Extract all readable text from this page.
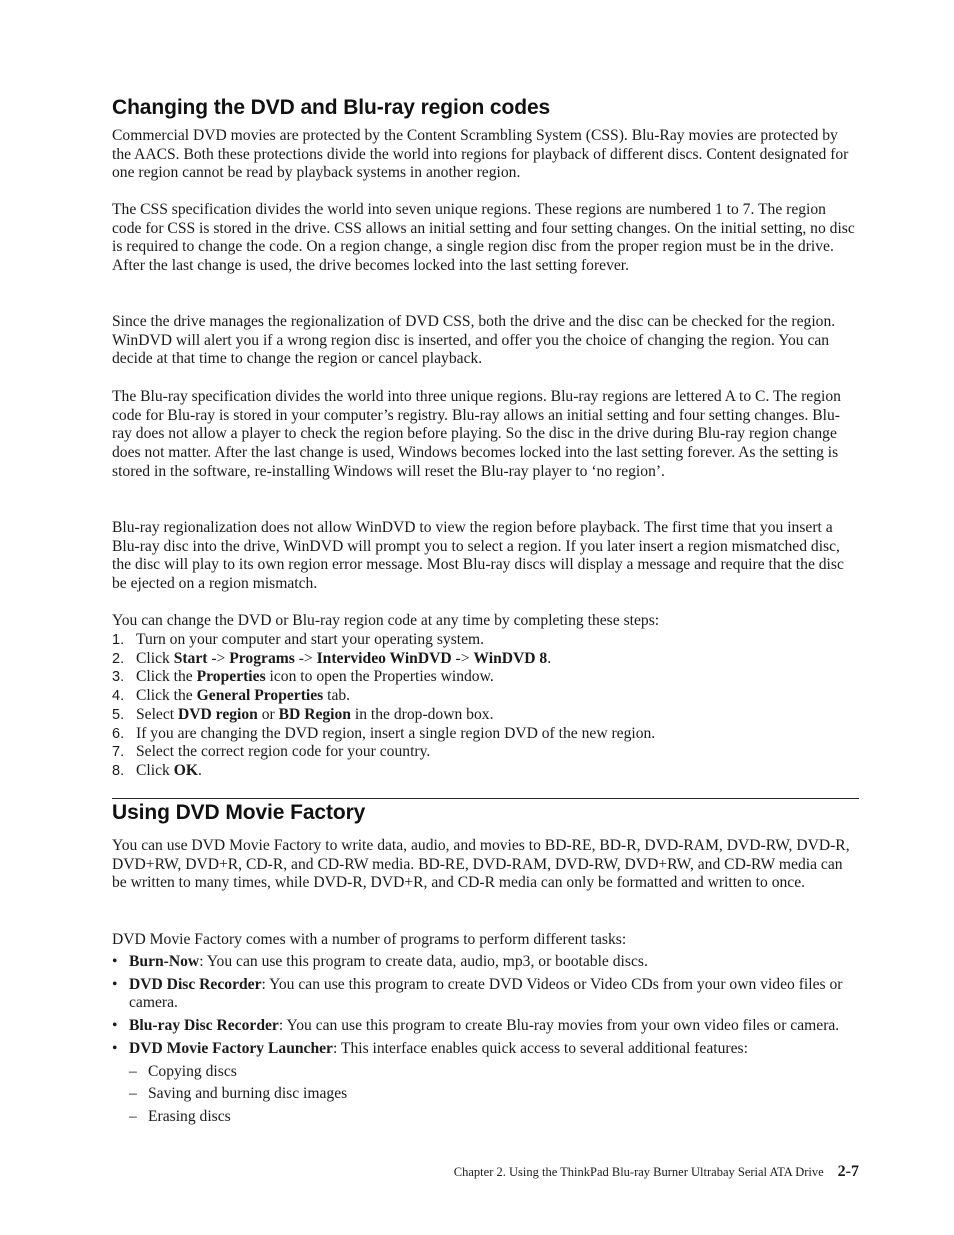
Changing the DVD and Blu-ray region codes

Commercial DVD movies are protected by the Content Scrambling System (CSS). Blu-Ray movies are protected by the AACS. Both these protections divide the world into regions for playback of different discs. Content designated for one region cannot be read by playback systems in another region.

The CSS specification divides the world into seven unique regions. These regions are numbered 1 to 7. The region code for CSS is stored in the drive. CSS allows an initial setting and four setting changes. On the initial setting, no disc is required to change the code. On a region change, a single region disc from the proper region must be in the drive. After the last change is used, the drive becomes locked into the last setting forever.

Since the drive manages the regionalization of DVD CSS, both the drive and the disc can be checked for the region. WinDVD will alert you if a wrong region disc is inserted, and offer you the choice of changing the region. You can decide at that time to change the region or cancel playback.

The Blu-ray specification divides the world into three unique regions. Blu-ray regions are lettered A to C. The region code for Blu-ray is stored in your computer’s registry. Blu-ray allows an initial setting and four setting changes. Blu-ray does not allow a player to check the region before playing. So the disc in the drive during Blu-ray region change does not matter. After the last change is used, Windows becomes locked into the last setting forever. As the setting is stored in the software, re-installing Windows will reset the Blu-ray player to ‘no region’.

Blu-ray regionalization does not allow WinDVD to view the region before playback. The first time that you insert a Blu-ray disc into the drive, WinDVD will prompt you to select a region. If you later insert a region mismatched disc, the disc will play to its own region error message. Most Blu-ray discs will display a message and require that the disc be ejected on a region mismatch.

You can change the DVD or Blu-ray region code at any time by completing these steps:

1. Turn on your computer and start your operating system.
2. Click Start -> Programs -> Intervideo WinDVD -> WinDVD 8.
3. Click the Properties icon to open the Properties window.
4. Click the General Properties tab.
5. Select DVD region or BD Region in the drop-down box.
6. If you are changing the DVD region, insert a single region DVD of the new region.
7. Select the correct region code for your country.
8. Click OK.
Using DVD Movie Factory

You can use DVD Movie Factory to write data, audio, and movies to BD-RE, BD-R, DVD-RAM, DVD-RW, DVD-R, DVD+RW, DVD+R, CD-R, and CD-RW media. BD-RE, DVD-RAM, DVD-RW, DVD+RW, and CD-RW media can be written to many times, while DVD-R, DVD+R, and CD-R media can only be formatted and written to once.

DVD Movie Factory comes with a number of programs to perform different tasks:

• Burn-Now: You can use this program to create data, audio, mp3, or bootable discs.
• DVD Disc Recorder: You can use this program to create DVD Videos or Video CDs from your own video files or camera.
• Blu-ray Disc Recorder: You can use this program to create Blu-ray movies from your own video files or camera.
• DVD Movie Factory Launcher: This interface enables quick access to several additional features:
– Copying discs
– Saving and burning disc images
– Erasing discs
Chapter 2. Using the ThinkPad Blu-ray Burner Ultrabay Serial ATA Drive 2-7
